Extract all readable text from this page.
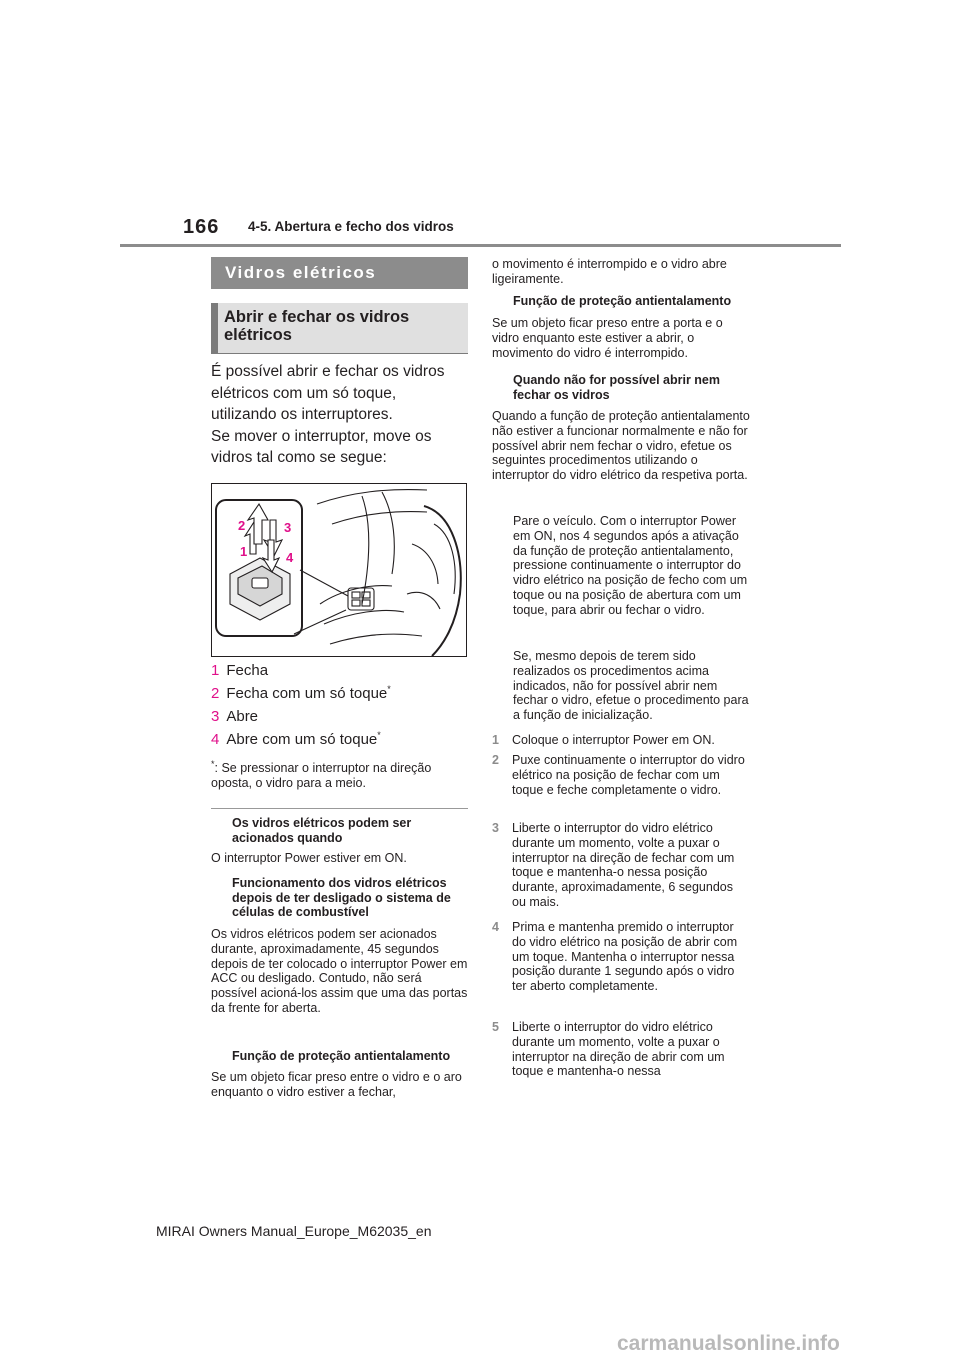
166 4-5. Abertura e fecho dos vidros
Vidros elétricos
Abrir e fechar os vidros elétricos

É possível abrir e fechar os vidros

elétricos com um só toque,

utilizando os interruptores.

Se mover o interruptor, move os

vidros tal como se segue:

2	3
1	4
1 Fecha
2 Fecha com um só toque*
3 Abre
4 Abre com um só toque*
*: Se pressionar o interruptor na direção oposta, o vidro para a meio.
Os vidros elétricos podem ser acionados quando
O interruptor Power estiver em ON.
Funcionamento dos vidros elétricos depois de ter desligado o sistema de células de combustível
Os vidros elétricos podem ser acionados durante, aproximadamente, 45 segundos depois de ter colocado o interruptor Power em ACC ou desligado. Contudo, não será possível acioná-los assim que uma das portas da frente for aberta.
Função de proteção antientalamento
Se um objeto ficar preso entre o vidro e o aro enquanto o vidro estiver a fechar,
o movimento é interrompido e o vidro abre ligeiramente.
Função de proteção antientalamento
Se um objeto ficar preso entre a porta e o vidro enquanto este estiver a abrir, o movimento do vidro é interrompido.
Quando não for possível abrir nem fechar os vidros
Quando a função de proteção antientalamento não estiver a funcionar normalmente e não for possível abrir nem fechar o vidro, efetue os seguintes procedimentos utilizando o interruptor do vidro elétrico da respetiva porta.
Pare o veículo. Com o interruptor Power em ON, nos 4 segundos após a ativação da função de proteção antientalamento, pressione continuamente o interruptor do vidro elétrico na posição de fecho com um toque ou na posição de abertura com um toque, para abrir ou fechar o vidro.
Se, mesmo depois de terem sido realizados os procedimentos acima indicados, não for possível abrir nem fechar o vidro, efetue o procedimento para a função de inicialização.
1 Coloque o interruptor Power em ON.
2 Puxe continuamente o interruptor do vidro elétrico na posição de fechar com um toque e feche completamente o vidro.
3 Liberte o interruptor do vidro elétrico durante um momento, volte a puxar o interruptor na direção de fechar com um toque e mantenha-o nessa posição durante, aproximadamente, 6 segundos ou mais.
4 Prima e mantenha premido o interruptor do vidro elétrico na posição de abrir com um toque. Mantenha o interruptor nessa posição durante 1 segundo após o vidro ter aberto completamente.
5 Liberte o interruptor do vidro elétrico durante um momento, volte a puxar o interruptor na direção de abrir com um toque e mantenha-o nessa
MIRAI Owners Manual_Europe_M62035_en
carmanualsonline.info
